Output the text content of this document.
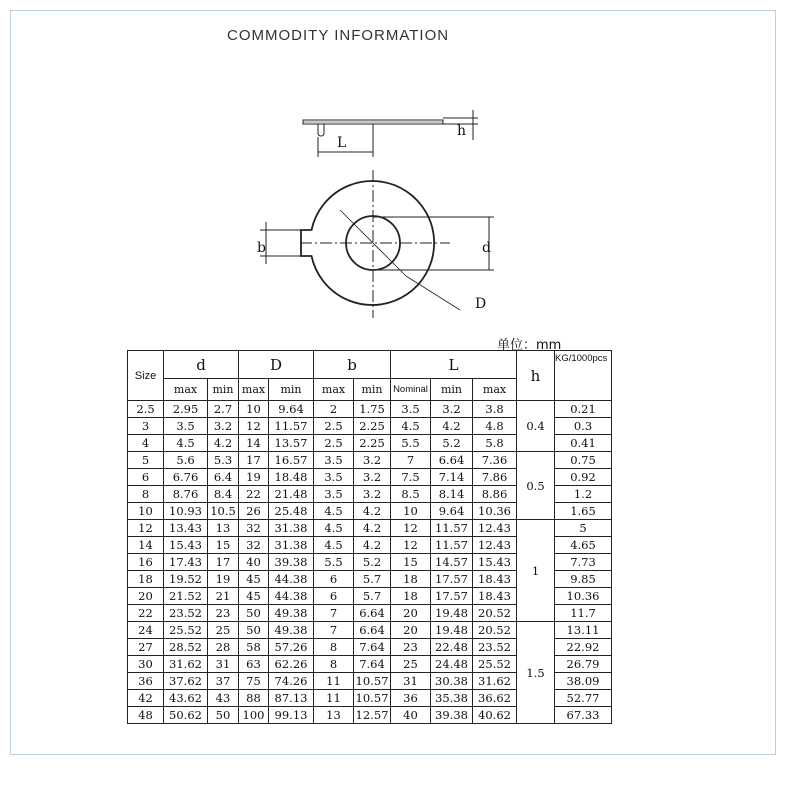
COMMODITY INFORMATION
L
h
b	d
D
单位：mm
Size	d		D		b		L			h	KG/1000pcs
	max	min	max	min	max	min	Nominal	min	max		
2.5	2.95	2.7	10	9.64	2	1.75	3.5	3.2	3.8	0.4	0.21
3	3.5	3.2	12	11.57	2.5	2.25	4.5	4.2	4.8		0.3
4	4.5	4.2	14	13.57	2.5	2.25	5.5	5.2	5.8		0.41
5	5.6	5.3	17	16.57	3.5	3.2	7	6.64	7.36	0.5	0.75
6	6.76	6.4	19	18.48	3.5	3.2	7.5	7.14	7.86		0.92
8	8.76	8.4	22	21.48	3.5	3.2	8.5	8.14	8.86		1.2
10	10.93	10.5	26	25.48	4.5	4.2	10	9.64	10.36		1.65
12	13.43	13	32	31.38	4.5	4.2	12	11.57	12.43	1	5
14	15.43	15	32	31.38	4.5	4.2	12	11.57	12.43		4.65
16	17.43	17	40	39.38	5.5	5.2	15	14.57	15.43		7.73
18	19.52	19	45	44.38	6	5.7	18	17.57	18.43		9.85
20	21.52	21	45	44.38	6	5.7	18	17.57	18.43		10.36
22	23.52	23	50	49.38	7	6.64	20	19.48	20.52		11.7
24	25.52	25	50	49.38	7	6.64	20	19.48	20.52	1.5	13.11
27	28.52	28	58	57.26	8	7.64	23	22.48	23.52		22.92
30	31.62	31	63	62.26	8	7.64	25	24.48	25.52		26.79
36	37.62	37	75	74.26	11	10.57	31	30.38	31.62		38.09
42	43.62	43	88	87.13	11	10.57	36	35.38	36.62		52.77
48	50.62	50	100	99.13	13	12.57	40	39.38	40.62		67.33
